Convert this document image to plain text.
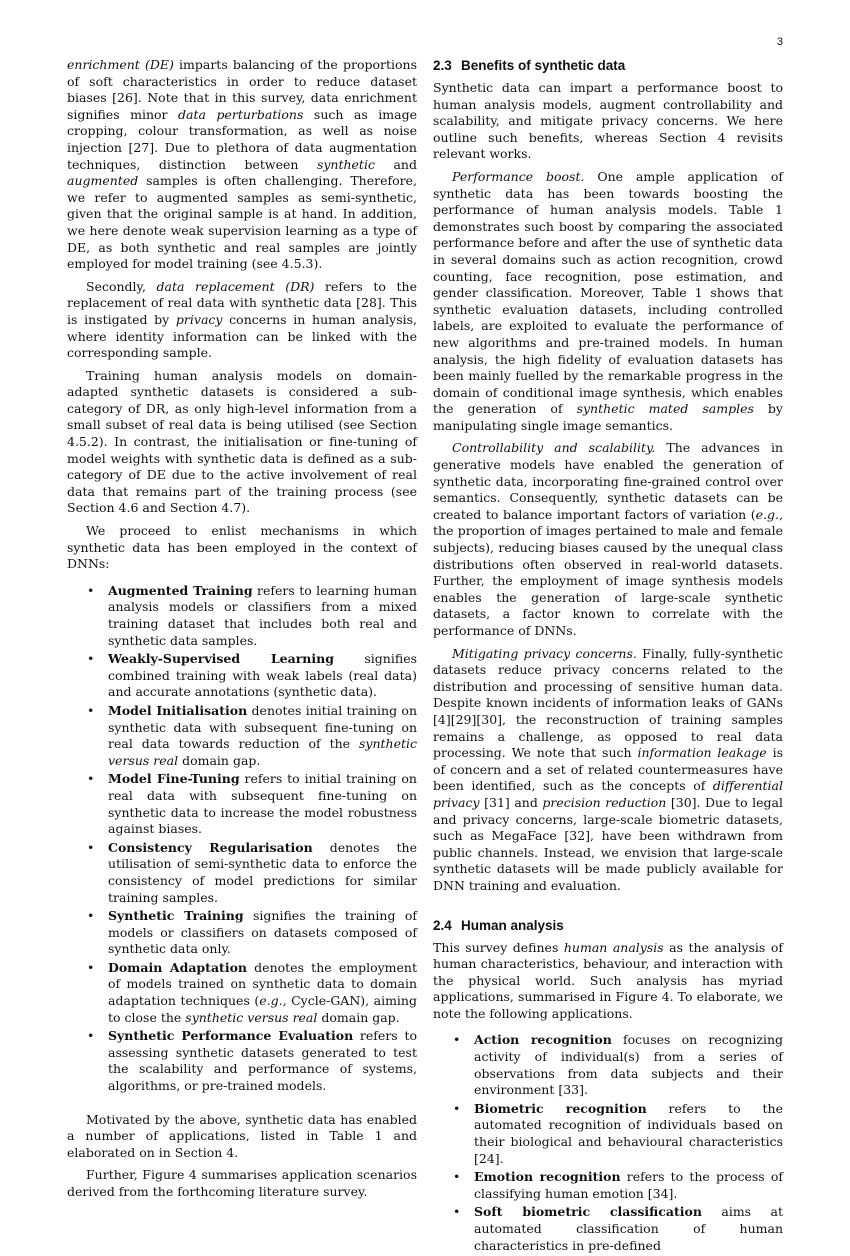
3

enrichment (DE) imparts balancing of the proportions of soft characteristics in order to reduce dataset biases [26]. Note that in this survey, data enrichment signifies minor data perturbations such as image cropping, colour transformation, as well as noise injection [27]. Due to plethora of data augmentation techniques, distinction between synthetic and augmented samples is often challenging. Therefore, we refer to augmented samples as semi-synthetic, given that the original sample is at hand. In addition, we here denote weak supervision learning as a type of DE, as both synthetic and real samples are jointly employed for model training (see 4.5.3).

Secondly, data replacement (DR) refers to the replacement of real data with synthetic data [28]. This is instigated by privacy concerns in human analysis, where identity information can be linked with the corresponding sample.

Training human analysis models on domain-adapted synthetic datasets is considered a sub-category of DR, as only high-level information from a small subset of real data is being utilised (see Section 4.5.2). In contrast, the initialisation or fine-tuning of model weights with synthetic data is defined as a sub-category of DE due to the active involvement of real data that remains part of the training process (see Section 4.6 and Section 4.7).

We proceed to enlist mechanisms in which synthetic data has been employed in the context of DNNs:

• Augmented Training refers to learning human analysis models or classifiers from a mixed training dataset that includes both real and synthetic data samples.
• Weakly-Supervised Learning signifies combined training with weak labels (real data) and accurate annotations (synthetic data).
• Model Initialisation denotes initial training on synthetic data with subsequent fine-tuning on real data towards reduction of the synthetic versus real domain gap.
• Model Fine-Tuning refers to initial training on real data with subsequent fine-tuning on synthetic data to increase the model robustness against biases.
• Consistency Regularisation denotes the utilisation of semi-synthetic data to enforce the consistency of model predictions for similar training samples.
• Synthetic Training signifies the training of models or classifiers on datasets composed of synthetic data only.
• Domain Adaptation denotes the employment of models trained on synthetic data to domain adaptation techniques (e.g., Cycle-GAN), aiming to close the synthetic versus real domain gap.
• Synthetic Performance Evaluation refers to assessing synthetic datasets generated to test the scalability and performance of systems, algorithms, or pre-trained models.

Motivated by the above, synthetic data has enabled a number of applications, listed in Table 1 and elaborated on in Section 4.

Further, Figure 4 summarises application scenarios derived from the forthcoming literature survey.

2.3 Benefits of synthetic data

Synthetic data can impart a performance boost to human analysis models, augment controllability and scalability, and mitigate privacy concerns. We here outline such benefits, whereas Section 4 revisits relevant works.

Performance boost. One ample application of synthetic data has been towards boosting the performance of human analysis models. Table 1 demonstrates such boost by comparing the associated performance before and after the use of synthetic data in several domains such as action recognition, crowd counting, face recognition, pose estimation, and gender classification. Moreover, Table 1 shows that synthetic evaluation datasets, including controlled labels, are exploited to evaluate the performance of new algorithms and pre-trained models. In human analysis, the high fidelity of evaluation datasets has been mainly fuelled by the remarkable progress in the domain of conditional image synthesis, which enables the generation of synthetic mated samples by manipulating single image semantics.

Controllability and scalability. The advances in generative models have enabled the generation of synthetic data, incorporating fine-grained control over semantics. Consequently, synthetic datasets can be created to balance important factors of variation (e.g., the proportion of images pertained to male and female subjects), reducing biases caused by the unequal class distributions often observed in real-world datasets. Further, the employment of image synthesis models enables the generation of large-scale synthetic datasets, a factor known to correlate with the performance of DNNs.

Mitigating privacy concerns. Finally, fully-synthetic datasets reduce privacy concerns related to the distribution and processing of sensitive human data. Despite known incidents of information leaks of GANs [4][29][30], the reconstruction of training samples remains a challenge, as opposed to real data processing. We note that such information leakage is of concern and a set of related countermeasures have been identified, such as the concepts of differential privacy [31] and precision reduction [30]. Due to legal and privacy concerns, large-scale biometric datasets, such as MegaFace [32], have been withdrawn from public channels. Instead, we envision that large-scale synthetic datasets will be made publicly available for DNN training and evaluation.

2.4 Human analysis

This survey defines human analysis as the analysis of human characteristics, behaviour, and interaction with the physical world. Such analysis has myriad applications, summarised in Figure 4. To elaborate, we note the following applications.

• Action recognition focuses on recognizing activity of individual(s) from a series of observations from data subjects and their environment [33].
• Biometric recognition refers to the automated recognition of individuals based on their biological and behavioural characteristics [24].
• Emotion recognition refers to the process of classifying human emotion [34].
• Soft biometric classification aims at automated classification of human characteristics in pre-defined
